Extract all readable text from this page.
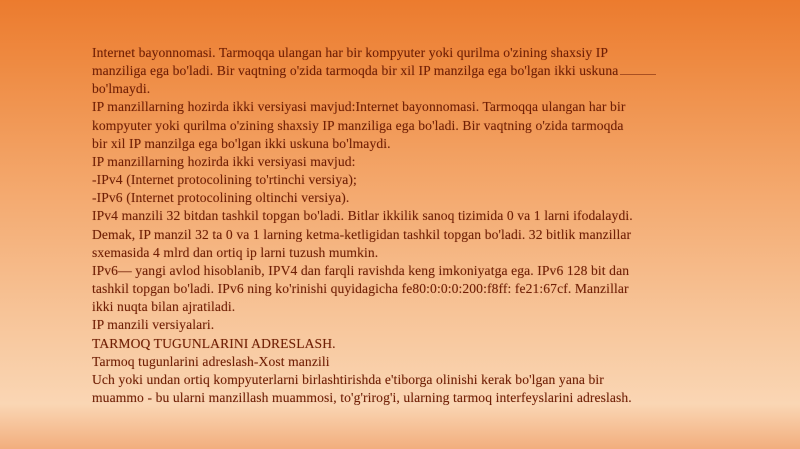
Internet bayonnomasi. Tarmoqqa ulangan har bir kompyuter yoki qurilma o'zining shaxsiy IP
manziliga ega bo'ladi. Bir vaqtning o'zida tarmoqda bir xil IP manzilga ega bo'lgan ikki uskuna
bo'lmaydi.
IP manzillarning hozirda ikki versiyasi mavjud:Internet bayonnomasi. Tarmoqqa ulangan har bir
kompyuter yoki qurilma o'zining shaxsiy IP manziliga ega bo'ladi. Bir vaqtning o'zida tarmoqda
bir xil IP manzilga ega bo'lgan ikki uskuna bo'lmaydi.
IP manzillarning hozirda ikki versiyasi mavjud:
-IPv4 (Internet protocolining to'rtinchi versiya);
-IPv6 (Internet protocolining oltinchi versiya).
IPv4 manzili 32 bitdan tashkil topgan bo'ladi. Bitlar ikkilik sanoq tizimida 0 va 1 larni ifodalaydi.
Demak, IP manzil 32 ta 0 va 1 larning ketma-ketligidan tashkil topgan bo'ladi. 32 bitlik manzillar
sxemasida 4 mlrd dan ortiq ip larni tuzush mumkin.
IPv6— yangi avlod hisoblanib, IPV4 dan farqli ravishda keng imkoniyatga ega. IPv6 128 bit dan
tashkil topgan bo'ladi. IPv6 ning ko'rinishi quyidagicha fe80:0:0:0:200:f8ff: fe21:67cf. Manzillar
ikki nuqta bilan ajratiladi.
IP manzili versiyalari.
TARMOQ TUGUNLARINI ADRESLASH.
Tarmoq tugunlarini adreslash-Xost manzili
Uch yoki undan ortiq kompyuterlarni birlashtirishda e'tiborga olinishi kerak bo'lgan yana bir
muammo - bu ularni manzillash muammosi, to'g'rirog'i, ularning tarmoq interfeyslarini adreslash.
